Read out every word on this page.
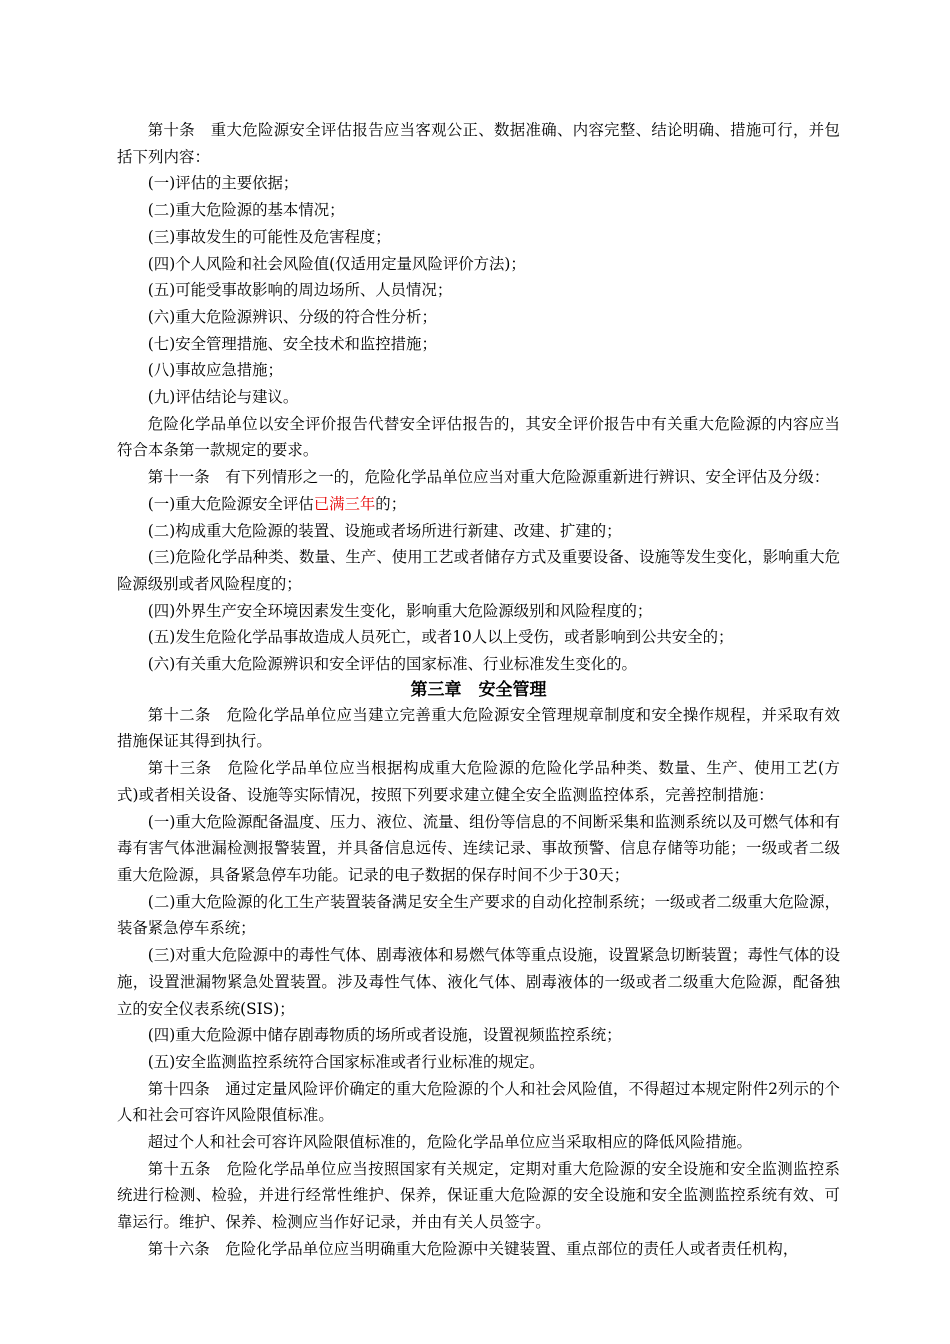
第十条　重大危险源安全评估报告应当客观公正、数据准确、内容完整、结论明确、措施可行，并包括下列内容：

(一)评估的主要依据；

(二)重大危险源的基本情况；

(三)事故发生的可能性及危害程度；

(四)个人风险和社会风险值(仅适用定量风险评价方法)；

(五)可能受事故影响的周边场所、人员情况；

(六)重大危险源辨识、分级的符合性分析；

(七)安全管理措施、安全技术和监控措施；

(八)事故应急措施；

(九)评估结论与建议。

危险化学品单位以安全评价报告代替安全评估报告的，其安全评价报告中有关重大危险源的内容应当符合本条第一款规定的要求。

第十一条　有下列情形之一的，危险化学品单位应当对重大危险源重新进行辨识、安全评估及分级：

(一)重大危险源安全评估已满三年的；

(二)构成重大危险源的装置、设施或者场所进行新建、改建、扩建的；

(三)危险化学品种类、数量、生产、使用工艺或者储存方式及重要设备、设施等发生变化，影响重大危险源级别或者风险程度的；

(四)外界生产安全环境因素发生变化，影响重大危险源级别和风险程度的；

(五)发生危险化学品事故造成人员死亡，或者10人以上受伤，或者影响到公共安全的；

(六)有关重大危险源辨识和安全评估的国家标准、行业标准发生变化的。

第三章　安全管理

第十二条　危险化学品单位应当建立完善重大危险源安全管理规章制度和安全操作规程，并采取有效措施保证其得到执行。

第十三条　危险化学品单位应当根据构成重大危险源的危险化学品种类、数量、生产、使用工艺(方式)或者相关设备、设施等实际情况，按照下列要求建立健全安全监测监控体系，完善控制措施：

(一)重大危险源配备温度、压力、液位、流量、组份等信息的不间断采集和监测系统以及可燃气体和有毒有害气体泄漏检测报警装置，并具备信息远传、连续记录、事故预警、信息存储等功能；一级或者二级重大危险源，具备紧急停车功能。记录的电子数据的保存时间不少于30天；

(二)重大危险源的化工生产装置装备满足安全生产要求的自动化控制系统；一级或者二级重大危险源，装备紧急停车系统；

(三)对重大危险源中的毒性气体、剧毒液体和易燃气体等重点设施，设置紧急切断装置；毒性气体的设施，设置泄漏物紧急处置装置。涉及毒性气体、液化气体、剧毒液体的一级或者二级重大危险源，配备独立的安全仪表系统(SIS)；

(四)重大危险源中储存剧毒物质的场所或者设施，设置视频监控系统；

(五)安全监测监控系统符合国家标准或者行业标准的规定。

第十四条　通过定量风险评价确定的重大危险源的个人和社会风险值，不得超过本规定附件2列示的个人和社会可容许风险限值标准。

超过个人和社会可容许风险限值标准的，危险化学品单位应当采取相应的降低风险措施。

第十五条　危险化学品单位应当按照国家有关规定，定期对重大危险源的安全设施和安全监测监控系统进行检测、检验，并进行经常性维护、保养，保证重大危险源的安全设施和安全监测监控系统有效、可靠运行。维护、保养、检测应当作好记录，并由有关人员签字。

第十六条　危险化学品单位应当明确重大危险源中关键装置、重点部位的责任人或者责任机构，
